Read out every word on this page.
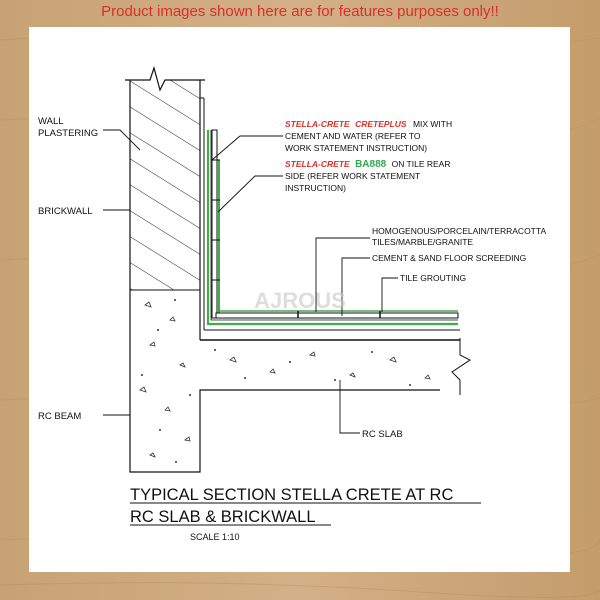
Product images shown here are for features purposes only!!
AJROUS
WALL
PLASTERING
BRICKWALL
RC BEAM
STELLA-CRETE CRETEPLUS MIX WITH
CEMENT AND WATER (REFER TO
WORK STATEMENT INSTRUCTION)
STELLA-CRETE BA888 ON TILE REAR
SIDE (REFER WORK STATEMENT
INSTRUCTION)
HOMOGENOUS/PORCELAIN/TERRACOTTA
TILES/MARBLE/GRANITE
CEMENT & SAND FLOOR SCREEDING
TILE GROUTING
RC SLAB
TYPICAL SECTION STELLA CRETE AT RC
RC SLAB & BRICKWALL
SCALE 1:10
